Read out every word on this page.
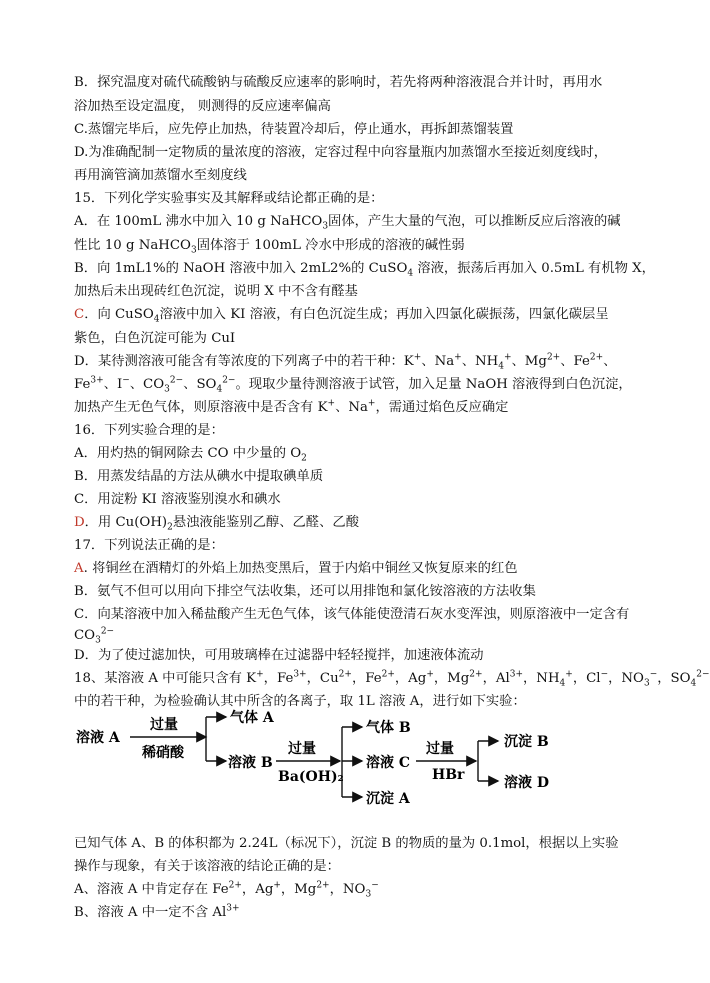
B．探究温度对硫代硫酸钠与硫酸反应速率的影响时，若先将两种溶液混合并计时，再用水
浴加热至设定温度， 则测得的反应速率偏高
C.蒸馏完毕后，应先停止加热，待装置冷却后，停止通水，再拆卸蒸馏装置
D.为准确配制一定物质的量浓度的溶液，定容过程中向容量瓶内加蒸馏水至接近刻度线时，
再用滴管滴加蒸馏水至刻度线
15．下列化学实验事实及其解释或结论都正确的是：
A．在 100mL 沸水中加入 10 g NaHCO$_3$固体，产生大量的气泡，可以推断反应后溶液的碱
性比 10 g NaHCO$_3$固体溶于 100mL 冷水中形成的溶液的碱性弱
B．向 1mL1%的 NaOH 溶液中加入 2mL2%的 CuSO$_4$ 溶液，振荡后再加入 0.5mL 有机物 X，
加热后未出现砖红色沉淀，说明 X 中不含有醛基
C．向 CuSO$_4$溶液中加入 KI 溶液，有白色沉淀生成；再加入四氯化碳振荡，四氯化碳层呈
紫色，白色沉淀可能为 CuI
D．某待测溶液可能含有等浓度的下列离子中的若干种：K+、Na+、$NH_4^+$、$Mg^{2+}$、$Fe^{2+}$、
$Fe^{3+}$、I−、$CO_3^{2-}$、$SO_4^{2-}$。现取少量待测溶液于试管，加入足量 NaOH 溶液得到白色沉淀，
加热产生无色气体，则原溶液中是否含有 K+、Na+，需通过焰色反应确定
16．下列实验合理的是：
A．用灼热的铜网除去 CO 中少量的 $O_2$
B．用蒸发结晶的方法从碘水中提取碘单质
C．用淀粉 KI 溶液鉴别溴水和碘水
D．用 $Cu(OH)_2$悬浊液能鉴别乙醇、乙醛、乙酸
17．下列说法正确的是：
A. 将铜丝在酒精灯的外焰上加热变黑后，置于内焰中铜丝又恢复原来的红色
B．氨气不但可以用向下排空气法收集，还可以用排饱和氯化铵溶液的方法收集
C．向某溶液中加入稀盐酸产生无色气体，该气体能使澄清石灰水变浑浊，则原溶液中一定含有
$CO_3^{2-}$
D．为了使过滤加快，可用玻璃棒在过滤器中轻轻搅拌，加速液体流动
18、某溶液 A 中可能只含有 K+，$Fe^{3+}$，$Cu^{2+}$，$Fe^{2+}$，Ag+，$Mg^{2+}$，$Al^{3+}$，$NH_4^+$，Cl−，$NO_3^-$，$SO_4^{2-}$
中的若干种，为检验确认其中所含的各离子，取 1L 溶液 A，进行如下实验：
已知气体 A、B 的体积都为 2.24L（标况下），沉淀 B 的物质的量为 0.1mol，根据以上实验
操作与现象，有关于该溶液的结论正确的是：
A、溶液 A 中肯定存在 $Fe^{2+}$，Ag+，$Mg^{2+}$，$NO_3^-$
B、溶液 A 中一定不含 $Al^{3+}$
溶液 A
过量
稀硝酸
气体 A
溶液 B
过量
Ba(OH)₂
气体 B
溶液 C
沉淀 A
过量
HBr
沉淀 B
溶液 D
